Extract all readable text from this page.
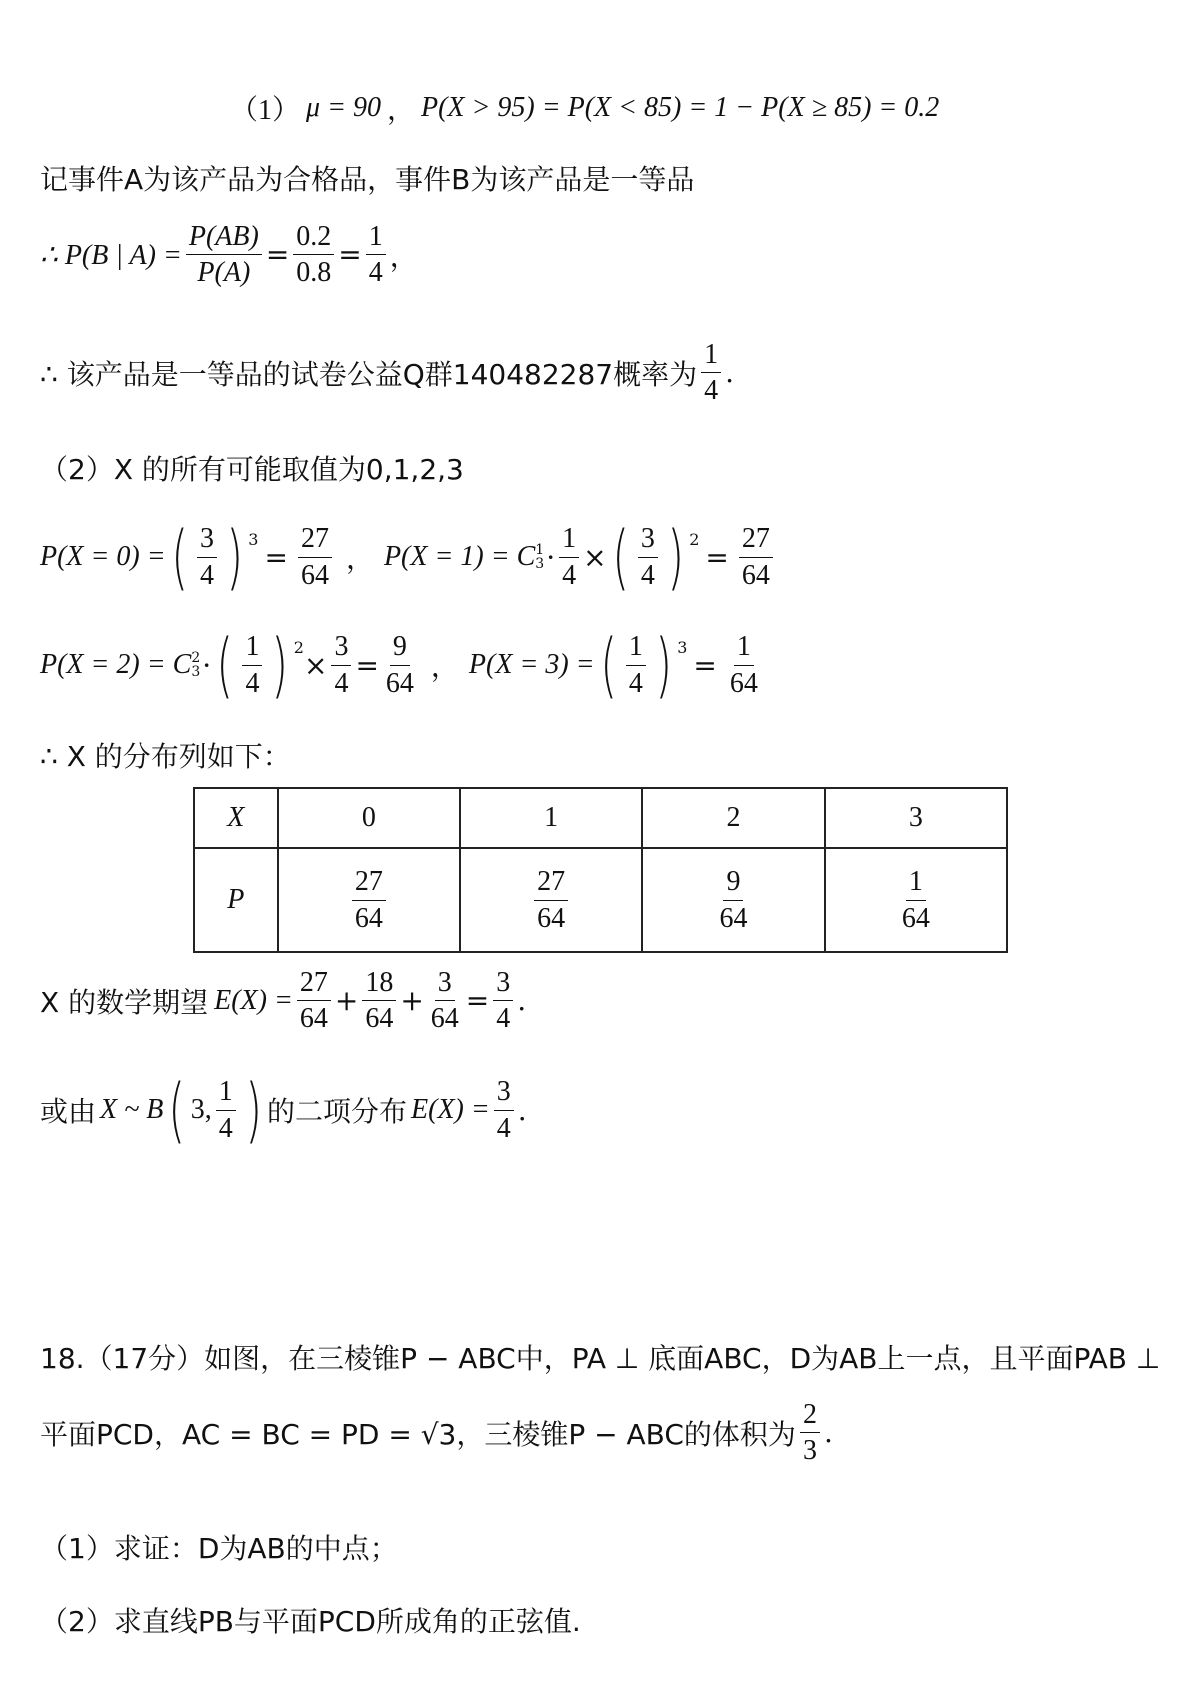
（1） μ = 90 ， P(X > 95) = P(X < 85) = 1 − P(X ≥ 85) = 0.2
记事件A为该产品为合格品，事件B为该产品是一等品
∴ P(B | $A) = \frac{P(AB)}{P(A)} = \frac{0.2}{0.8} = \frac{1}{4}$ ，
∴ 该产品是一等品的试卷公益Q群140482287概率为 $\frac{1}{4}$ .
（2）X 的所有可能取值为0,1,2,3
P(X = 0) = ( $\frac{3}{4}$ ) 3
= $\frac{27}{64}$ ， P(X = 1) = C 1
$3 \cdot \frac{1}{4}$ × ( $\frac{3}{4}$ ) 2
= $\frac{27}{64}$
P(X = 2) = C 2
3 · ( $\frac{1}{4}$ ) 2
× $\frac{3}{4} = \frac{9}{64}$ ， P(X = 3) = ( $\frac{1}{4}$ ) 3
= $\frac{1}{64}$
∴ X 的分布列如下：
X	0	1	2	3
P	$\frac{27}{64}$	$\frac{27}{64}$	$\frac{9}{64}$	$\frac{1}{64}$
X 的数学期望 $E(X) = \frac{27}{64} + \frac{18}{64} + \frac{3}{64} = \frac{3}{4}$ .
或由 X ~ B ( 3, $\frac{1}{4}$ ) 的二项分布 $E(X) = \frac{3}{4}$ .
18.（17分）如图，在三棱锥P − ABC中，PA ⊥ 底面ABC，D为AB上一点，且平面PAB ⊥
平面PCD，AC = BC = PD = √3，三棱锥P − ABC的体积为 $\frac{2}{3}$ .
（1）求证：D为AB的中点；
（2）求直线PB与平面PCD所成角的正弦值.
